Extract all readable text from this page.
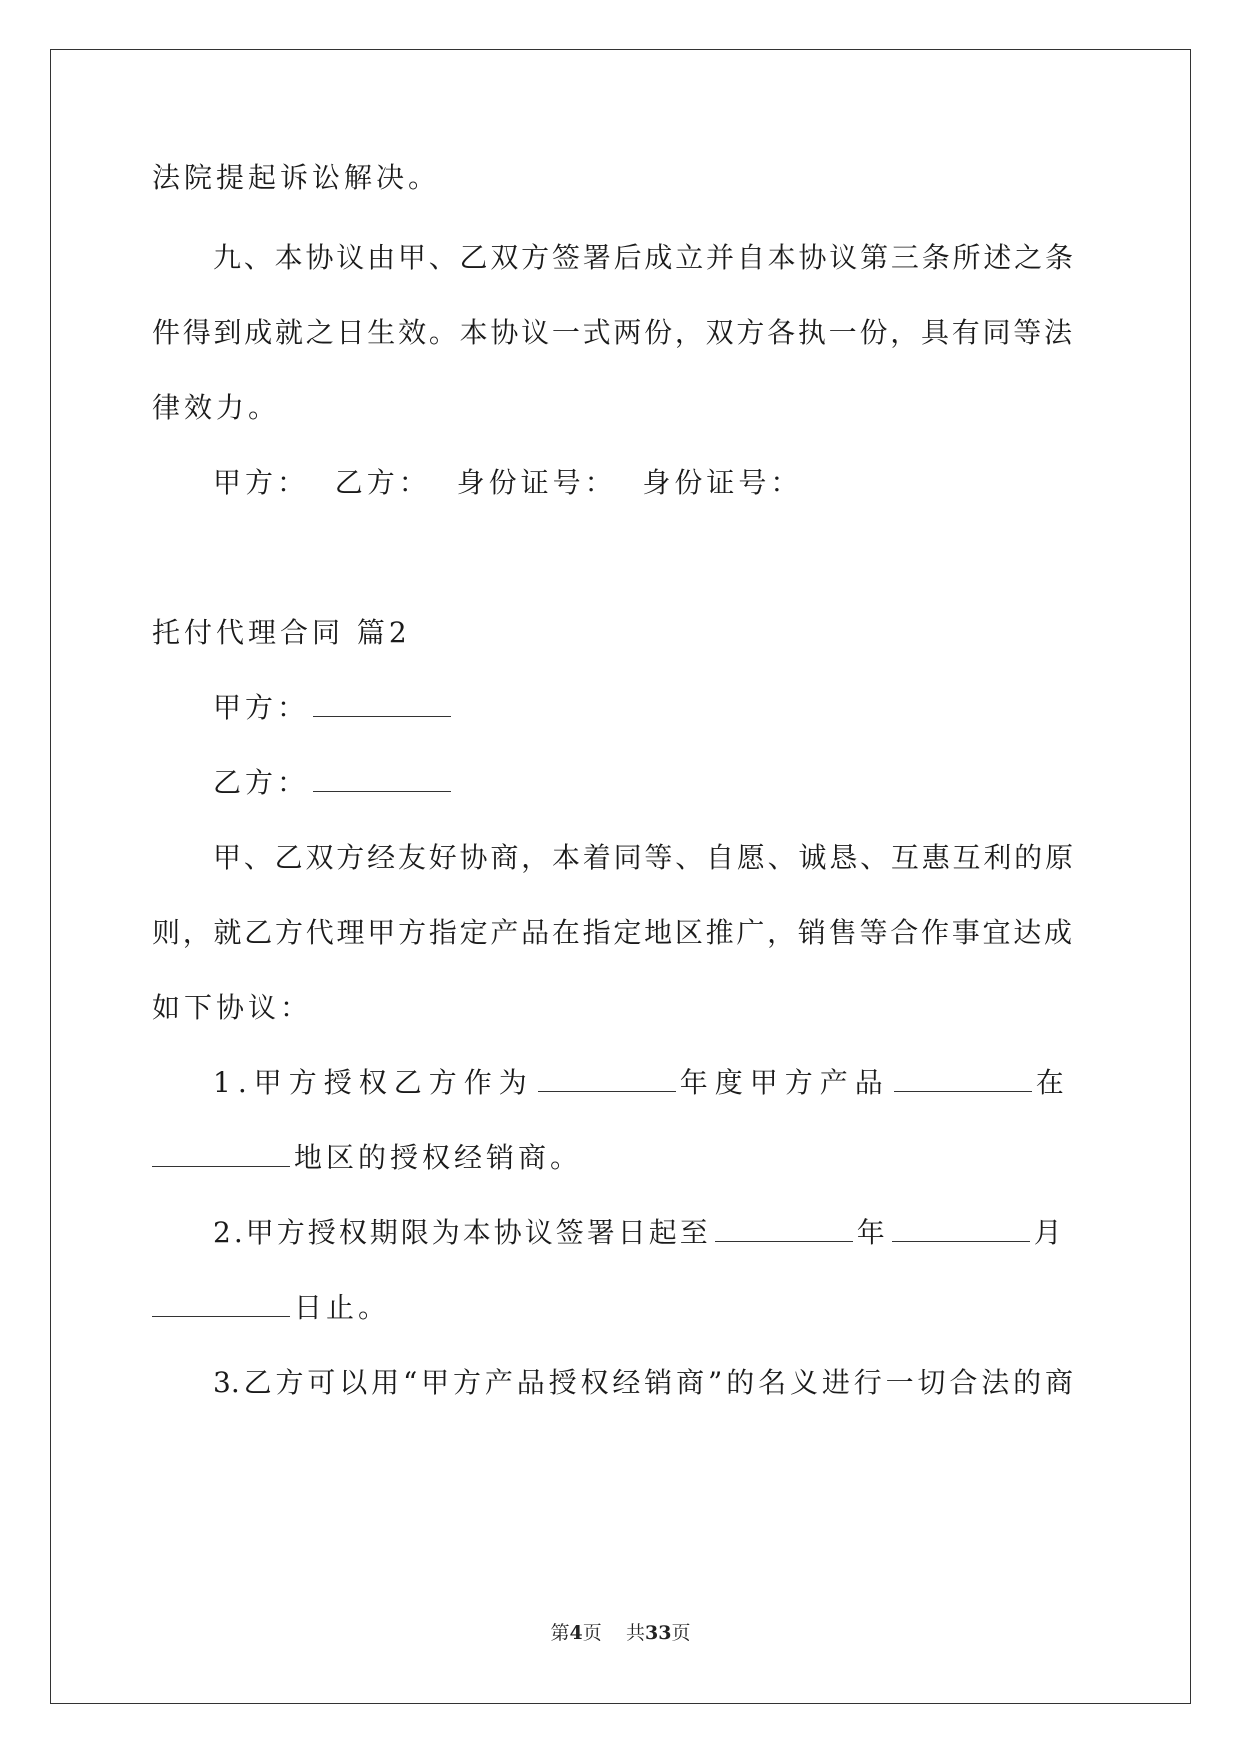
法院提起诉讼解决。
九、本协议由甲、乙双方签署后成立并自本协议第三条所述之条
件得到成就之日生效。本协议一式两份，双方各执一份，具有同等法
律效力。
甲方：  乙方：  身份证号：  身份证号：
托付代理合同 篇2
甲方：
乙方：
甲、乙双方经友好协商，本着同等、自愿、诚恳、互惠互利的原
则，就乙方代理甲方指定产品在指定地区推广，销售等合作事宜达成
如下协议：
1.甲方授权乙方作为	年度甲方产品	在
地区的授权经销商。
2.甲方授权期限为本协议签署日起至	年	月
日止。
3.乙方可以用“甲方产品授权经销商”的名义进行一切合法的商
第4页 共33页
